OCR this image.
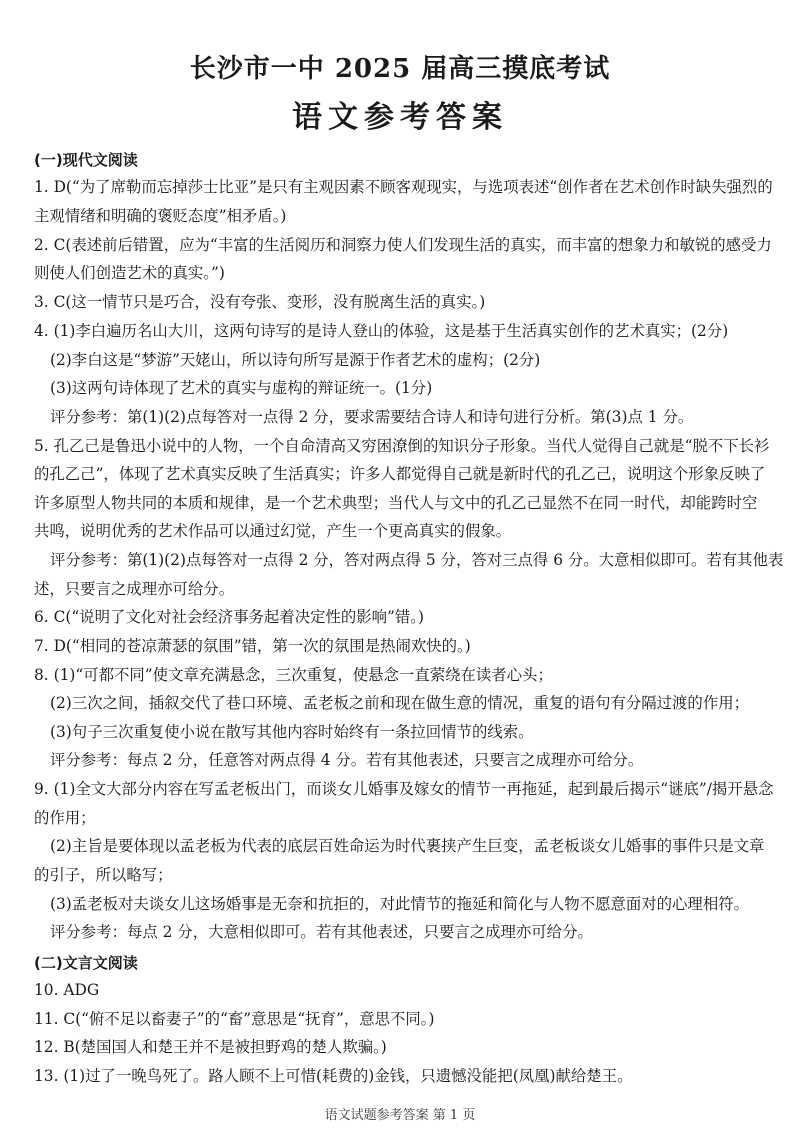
长沙市一中 2025 届高三摸底考试
语文参考答案
(一)现代文阅读
1. D(“为了席勒而忘掉莎士比亚”是只有主观因素不顾客观现实，与选项表述“创作者在艺术创作时缺失强烈的
主观情绪和明确的褒贬态度”相矛盾。)
2. C(表述前后错置，应为“丰富的生活阅历和洞察力使人们发现生活的真实，而丰富的想象力和敏锐的感受力
则使人们创造艺术的真实。”)
3. C(这一情节只是巧合，没有夸张、变形，没有脱离生活的真实。)
4. (1)李白遍历名山大川，这两句诗写的是诗人登山的体验，这是基于生活真实创作的艺术真实；(2分)
(2)李白这是“梦游”天姥山，所以诗句所写是源于作者艺术的虚构；(2分)
(3)这两句诗体现了艺术的真实与虚构的辩证统一。(1分)
评分参考：第(1)(2)点每答对一点得 2 分，要求需要结合诗人和诗句进行分析。第(3)点 1 分。
5. 孔乙己是鲁迅小说中的人物，一个自命清高又穷困潦倒的知识分子形象。当代人觉得自己就是“脱不下长衫
的孔乙己”，体现了艺术真实反映了生活真实；许多人都觉得自己就是新时代的孔乙己，说明这个形象反映了
许多原型人物共同的本质和规律，是一个艺术典型；当代人与文中的孔乙己显然不在同一时代，却能跨时空
共鸣，说明优秀的艺术作品可以通过幻觉，产生一个更高真实的假象。
评分参考：第(1)(2)点每答对一点得 2 分，答对两点得 5 分，答对三点得 6 分。大意相似即可。若有其他表
述，只要言之成理亦可给分。
6. C(“说明了文化对社会经济事务起着决定性的影响”错。)
7. D(“相同的苍凉萧瑟的氛围”错，第一次的氛围是热闹欢快的。)
8. (1)“可都不同”使文章充满悬念，三次重复，使悬念一直萦绕在读者心头；
(2)三次之间，插叙交代了巷口环境、孟老板之前和现在做生意的情况，重复的语句有分隔过渡的作用；
(3)句子三次重复使小说在散写其他内容时始终有一条拉回情节的线索。
评分参考：每点 2 分，任意答对两点得 4 分。若有其他表述，只要言之成理亦可给分。
9. (1)全文大部分内容在写孟老板出门，而谈女儿婚事及嫁女的情节一再拖延，起到最后揭示“谜底”/揭开悬念
的作用；
(2)主旨是要体现以孟老板为代表的底层百姓命运为时代裹挟产生巨变，孟老板谈女儿婚事的事件只是文章
的引子，所以略写；
(3)孟老板对夫谈女儿这场婚事是无奈和抗拒的，对此情节的拖延和简化与人物不愿意面对的心理相符。
评分参考：每点 2 分，大意相似即可。若有其他表述，只要言之成理亦可给分。
(二)文言文阅读
10. ADG
11. C(“俯不足以畜妻子”的“畜”意思是“抚育”，意思不同。)
12. B(楚国国人和楚王并不是被担野鸡的楚人欺骗。)
13. (1)过了一晚鸟死了。路人顾不上可惜(耗费的)金钱，只遗憾没能把(凤凰)献给楚王。
语文试题参考答案 第 1 页
